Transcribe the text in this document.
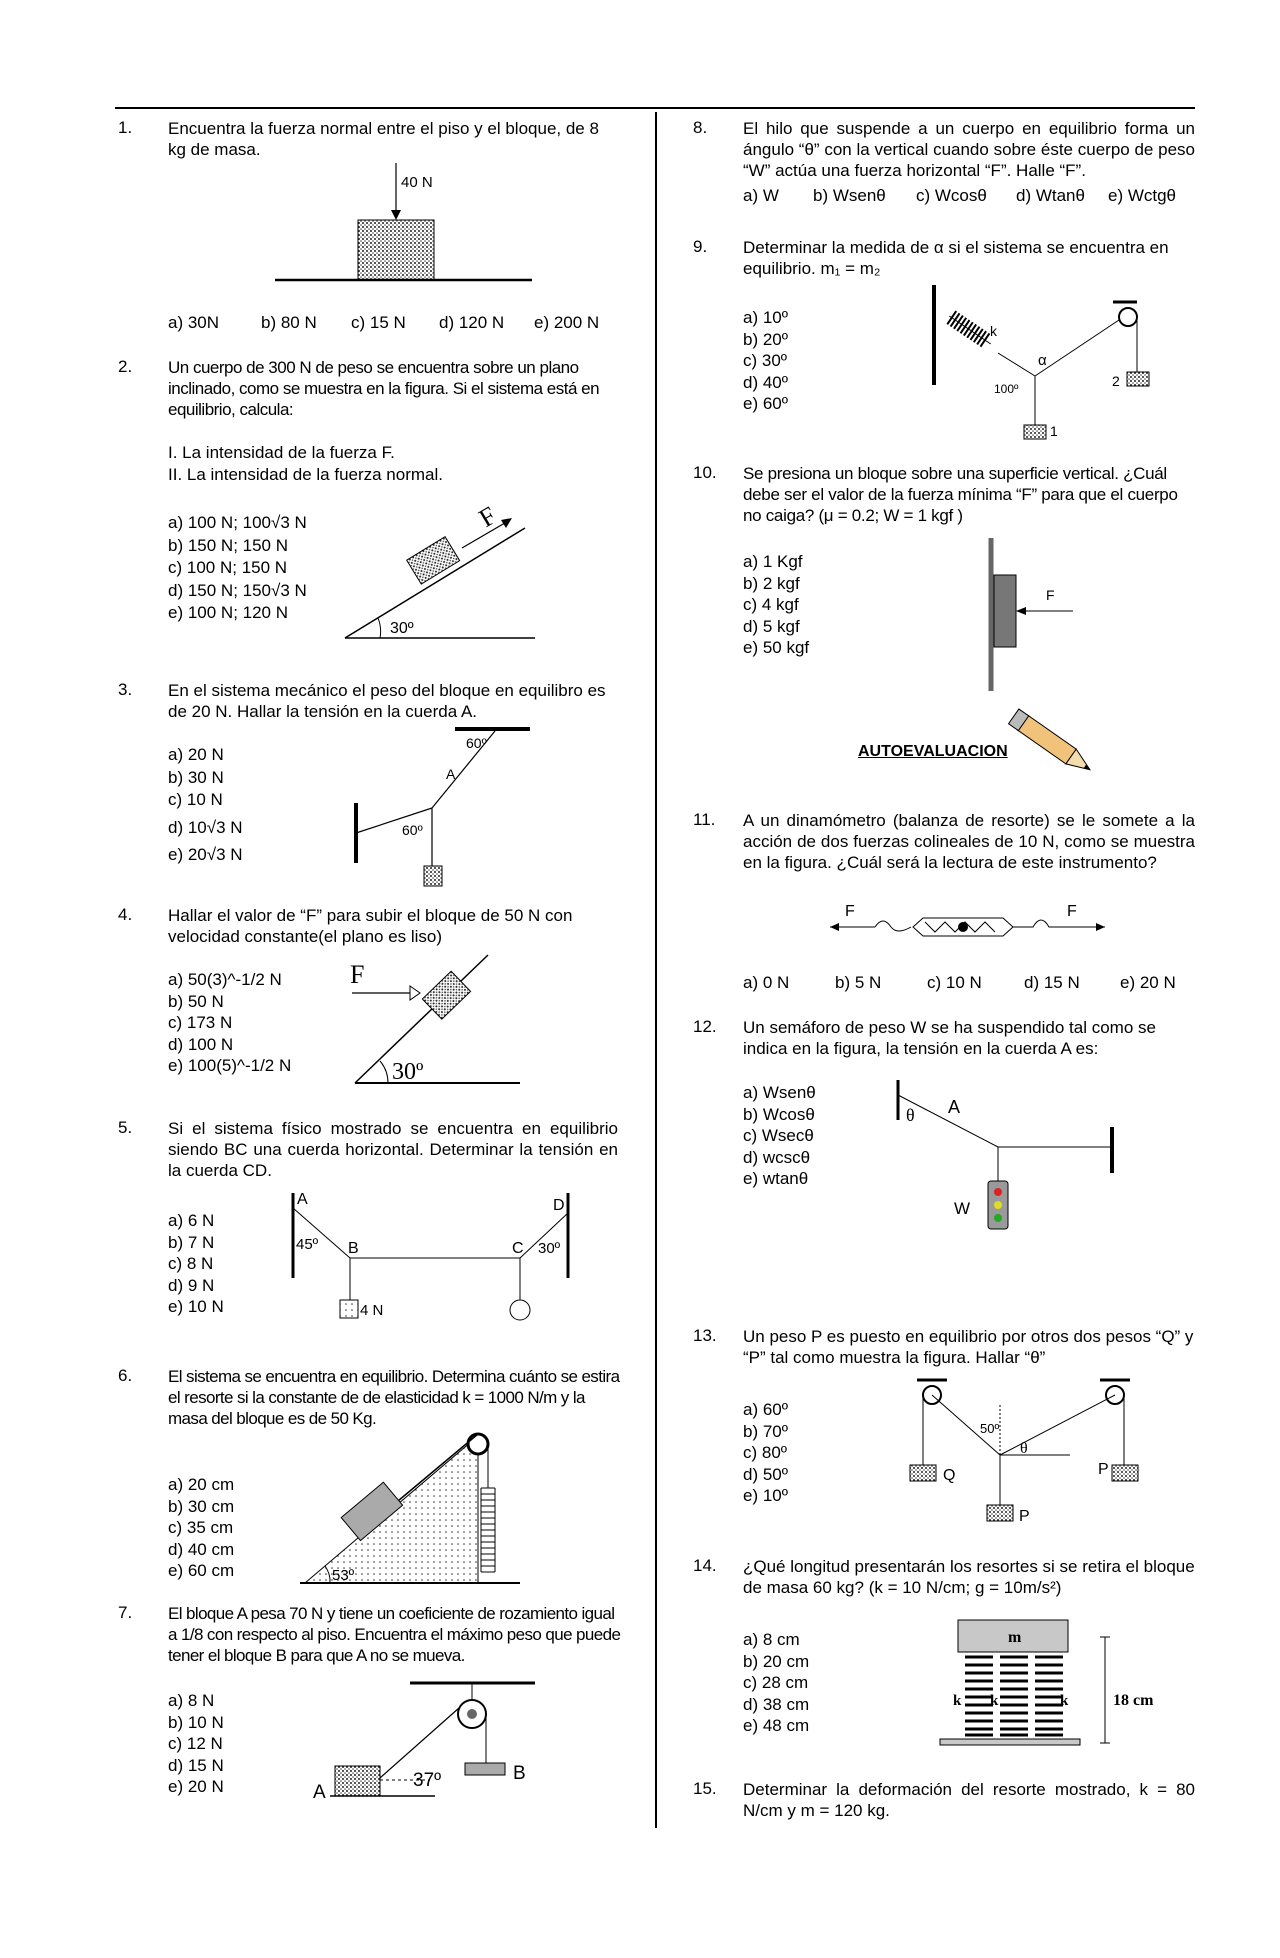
1.	Encuentra la fuerza normal entre el piso y el bloque, de 8 kg de masa.
40 N
a) 30N b) 80 N c) 15 N d) 120 N e) 200 N
2.	Un cuerpo de 300 N de peso se encuentra sobre un plano inclinado, como se muestra en la figura. Si el sistema está en equilibrio, calcula:
I. La intensidad de la fuerza F.
II. La intensidad de la fuerza normal.
a) 100 N; 100√3 N
b) 150 N; 150 N
c) 100 N; 150 N
d) 150 N; 150√3 N
e) 100 N; 120 N
F
30º
3.	En el sistema mecánico el peso del bloque en equilibro es de 20 N. Hallar la tensión en la cuerda A.
a) 20 N
b) 30 N
c) 10 N
d) 10√3 N
e) 20√3 N
60º
A
60º
4.	Hallar el valor de “F” para subir el bloque de 50 N con velocidad constante(el plano es liso)
a) 50(3)^-1/2 N
b) 50 N
c) 173 N
d) 100 N
e) 100(5)^-1/2 N
F
30º
5.	Si el sistema físico mostrado se encuentra en equilibrio siendo BC una cuerda horizontal. Determinar la tensión en la cuerda CD.
a) 6 N
b) 7 N
c) 8 N
d) 9 N
e) 10 N
A
B	C
D
45º	30º
4 N
6.	El sistema se encuentra en equilibrio. Determina cuánto se estira el resorte si la constante de de elasticidad k = 1000 N/m y la masa del bloque es de 50 Kg.
a) 20 cm
b) 30 cm
c) 35 cm
d) 40 cm
e) 60 cm	53º
7.	El bloque A pesa 70 N y tiene un coeficiente de rozamiento igual a 1/8 con respecto al piso. Encuentra el máximo peso que puede tener el bloque B para que A no se mueva.
a) 8 N
b) 10 N
c) 12 N
d) 15 N
e) 20 N	A
B
37º
8.	El hilo que suspende a un cuerpo en equilibrio forma un ángulo “θ” con la vertical cuando sobre éste cuerpo de peso “W” actúa una fuerza horizontal “F”. Halle “F”.
a) W b) Wsenθ c) Wcosθ d) Wtanθ e) Wctgθ
9.	Determinar la medida de α si el sistema se encuentra en equilibrio. m₁ = m₂
a) 10º
b) 20º
c) 30º
d) 40º
e) 60º
k
α
100º	2
1
10.	Se presiona un bloque sobre una superficie vertical. ¿Cuál debe ser el valor de la fuerza mínima “F” para que el cuerpo no caiga? (μ = 0.2; W = 1 kgf )
a) 1 Kgf
b) 2 kgf
c) 4 kgf
d) 5 kgf
e) 50 kgf
F
AUTOEVALUACION
11.	A un dinamómetro (balanza de resorte) se le somete a la acción de dos fuerzas colineales de 10 N, como se muestra en la figura. ¿Cuál será la lectura de este instrumento?
F	F
a) 0 N	b) 5 N	c) 10 N d) 15 N e) 20 N
12.	Un semáforo de peso W se ha suspendido tal como se indica en la figura, la tensión en la cuerda A es:
a) Wsenθ
b) Wcosθ
c) Wsecθ
d) wcscθ
e) wtanθ
θ A
W
13.	Un peso P es puesto en equilibrio por otros dos pesos “Q” y “P” tal como muestra la figura. Hallar “θ”
a) 60º
b) 70º
c) 80º
d) 50º
e) 10º
50º
θ
Q	P
P
14.	¿Qué longitud presentarán los resortes si se retira el bloque de masa 60 kg? (k = 10 N/cm; g = 10m/s²)
a) 8 cm
b) 20 cm
c) 28 cm
d) 38 cm
e) 48 cm
m
k k	k	18 cm
15.	Determinar la deformación del resorte mostrado, k = 80 N/cm y m = 120 kg.
